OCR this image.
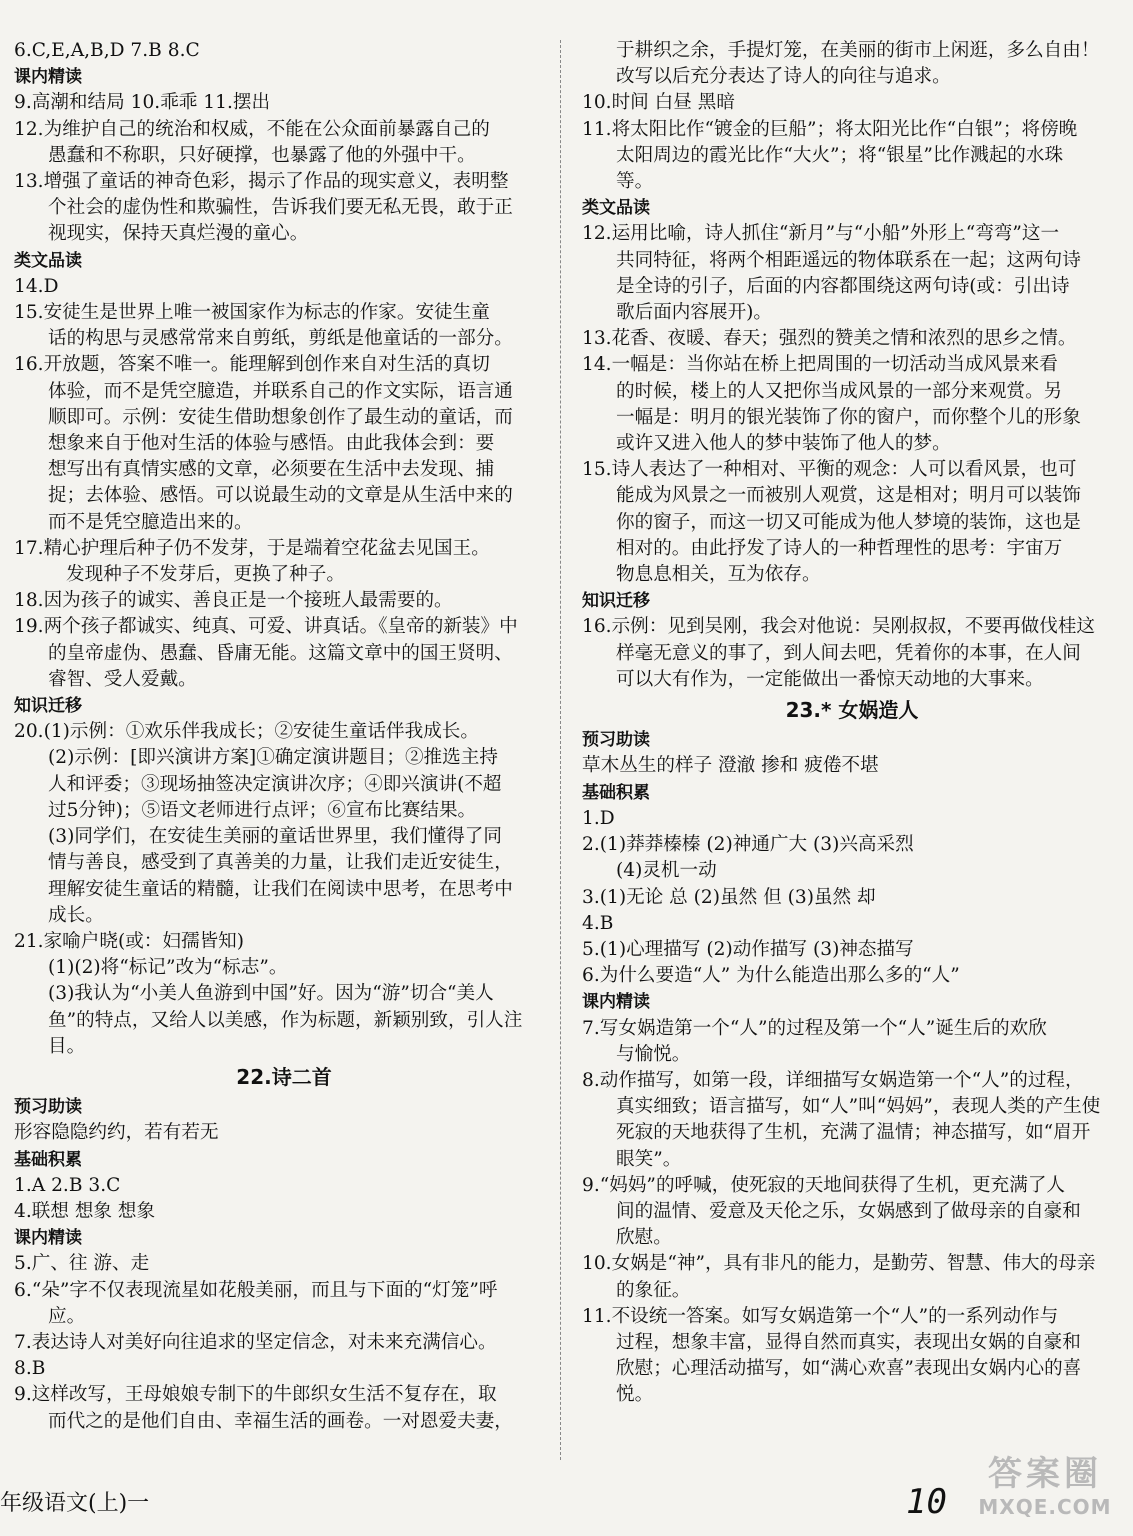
6.C,E,A,B,D 7.B 8.C
课内精读
9.高潮和结局 10.乖乖 11.摆出
12.为维护自己的统治和权威，不能在公众面前暴露自己的
愚蠢和不称职，只好硬撑，也暴露了他的外强中干。
13.增强了童话的神奇色彩，揭示了作品的现实意义，表明整
个社会的虚伪性和欺骗性，告诉我们要无私无畏，敢于正
视现实，保持天真烂漫的童心。
类文品读
14.D
15.安徒生是世界上唯一被国家作为标志的作家。安徒生童
话的构思与灵感常常来自剪纸，剪纸是他童话的一部分。
16.开放题，答案不唯一。能理解到创作来自对生活的真切
体验，而不是凭空臆造，并联系自己的作文实际，语言通
顺即可。示例：安徒生借助想象创作了最生动的童话，而
想象来自于他对生活的体验与感悟。由此我体会到：要
想写出有真情实感的文章，必须要在生活中去发现、捕
捉；去体验、感悟。可以说最生动的文章是从生活中来的
而不是凭空臆造出来的。
17.精心护理后种子仍不发芽，于是端着空花盆去见国王。
发现种子不发芽后，更换了种子。
18.因为孩子的诚实、善良正是一个接班人最需要的。
19.两个孩子都诚实、纯真、可爱、讲真话。《皇帝的新装》中
的皇帝虚伪、愚蠢、昏庸无能。这篇文章中的国王贤明、
睿智、受人爱戴。
知识迁移
20.(1)示例：①欢乐伴我成长；②安徒生童话伴我成长。
(2)示例：[即兴演讲方案]①确定演讲题目；②推选主持
人和评委；③现场抽签决定演讲次序；④即兴演讲(不超
过5分钟)；⑤语文老师进行点评；⑥宣布比赛结果。
(3)同学们，在安徒生美丽的童话世界里，我们懂得了同
情与善良，感受到了真善美的力量，让我们走近安徒生，
理解安徒生童话的精髓，让我们在阅读中思考，在思考中
成长。
21.家喻户晓(或：妇孺皆知)
(1)(2)将“标记”改为“标志”。
(3)我认为“小美人鱼游到中国”好。因为“游”切合“美人
鱼”的特点，又给人以美感，作为标题，新颖别致，引人注
目。
22.诗二首
预习助读
形容隐隐约约，若有若无
基础积累
1.A 2.B 3.C
4.联想 想象 想象
课内精读
5.广、往 游、走
6.“朵”字不仅表现流星如花般美丽，而且与下面的“灯笼”呼
应。
7.表达诗人对美好向往追求的坚定信念，对未来充满信心。
8.B
9.这样改写，王母娘娘专制下的牛郎织女生活不复存在，取
而代之的是他们自由、幸福生活的画卷。一对恩爱夫妻，
于耕织之余，手提灯笼，在美丽的街市上闲逛，多么自由！
改写以后充分表达了诗人的向往与追求。
10.时间 白昼 黑暗
11.将太阳比作“镀金的巨船”；将太阳光比作“白银”；将傍晚
太阳周边的霞光比作“大火”；将“银星”比作溅起的水珠
等。
类文品读
12.运用比喻，诗人抓住“新月”与“小船”外形上“弯弯”这一
共同特征，将两个相距遥远的物体联系在一起；这两句诗
是全诗的引子，后面的内容都围绕这两句诗(或：引出诗
歌后面内容展开)。
13.花香、夜暖、春天；强烈的赞美之情和浓烈的思乡之情。
14.一幅是：当你站在桥上把周围的一切活动当成风景来看
的时候，楼上的人又把你当成风景的一部分来观赏。另
一幅是：明月的银光装饰了你的窗户，而你整个儿的形象
或许又进入他人的梦中装饰了他人的梦。
15.诗人表达了一种相对、平衡的观念：人可以看风景，也可
能成为风景之一而被别人观赏，这是相对；明月可以装饰
你的窗子，而这一切又可能成为他人梦境的装饰，这也是
相对的。由此抒发了诗人的一种哲理性的思考：宇宙万
物息息相关，互为依存。
知识迁移
16.示例：见到吴刚，我会对他说：吴刚叔叔，不要再做伐桂这
样毫无意义的事了，到人间去吧，凭着你的本事，在人间
可以大有作为，一定能做出一番惊天动地的大事来。
23.* 女娲造人
预习助读
草木丛生的样子 澄澈 掺和 疲倦不堪
基础积累
1.D
2.(1)莽莽榛榛 (2)神通广大 (3)兴高采烈
(4)灵机一动
3.(1)无论 总 (2)虽然 但 (3)虽然 却
4.B
5.(1)心理描写 (2)动作描写 (3)神态描写
6.为什么要造“人” 为什么能造出那么多的“人”
课内精读
7.写女娲造第一个“人”的过程及第一个“人”诞生后的欢欣
与愉悦。
8.动作描写，如第一段，详细描写女娲造第一个“人”的过程，
真实细致；语言描写，如“人”叫“妈妈”，表现人类的产生使
死寂的天地获得了生机，充满了温情；神态描写，如“眉开
眼笑”。
9.“妈妈”的呼喊，使死寂的天地间获得了生机，更充满了人
间的温情、爱意及天伦之乐，女娲感到了做母亲的自豪和
欣慰。
10.女娲是“神”，具有非凡的能力，是勤劳、智慧、伟大的母亲
的象征。
11.不设统一答案。如写女娲造第一个“人”的一系列动作与
过程，想象丰富，显得自然而真实，表现出女娲的自豪和
欣慰；心理活动描写，如“满心欢喜”表现出女娲内心的喜
悦。
年级语文(上)一	10
答案圈
MXQE.COM
